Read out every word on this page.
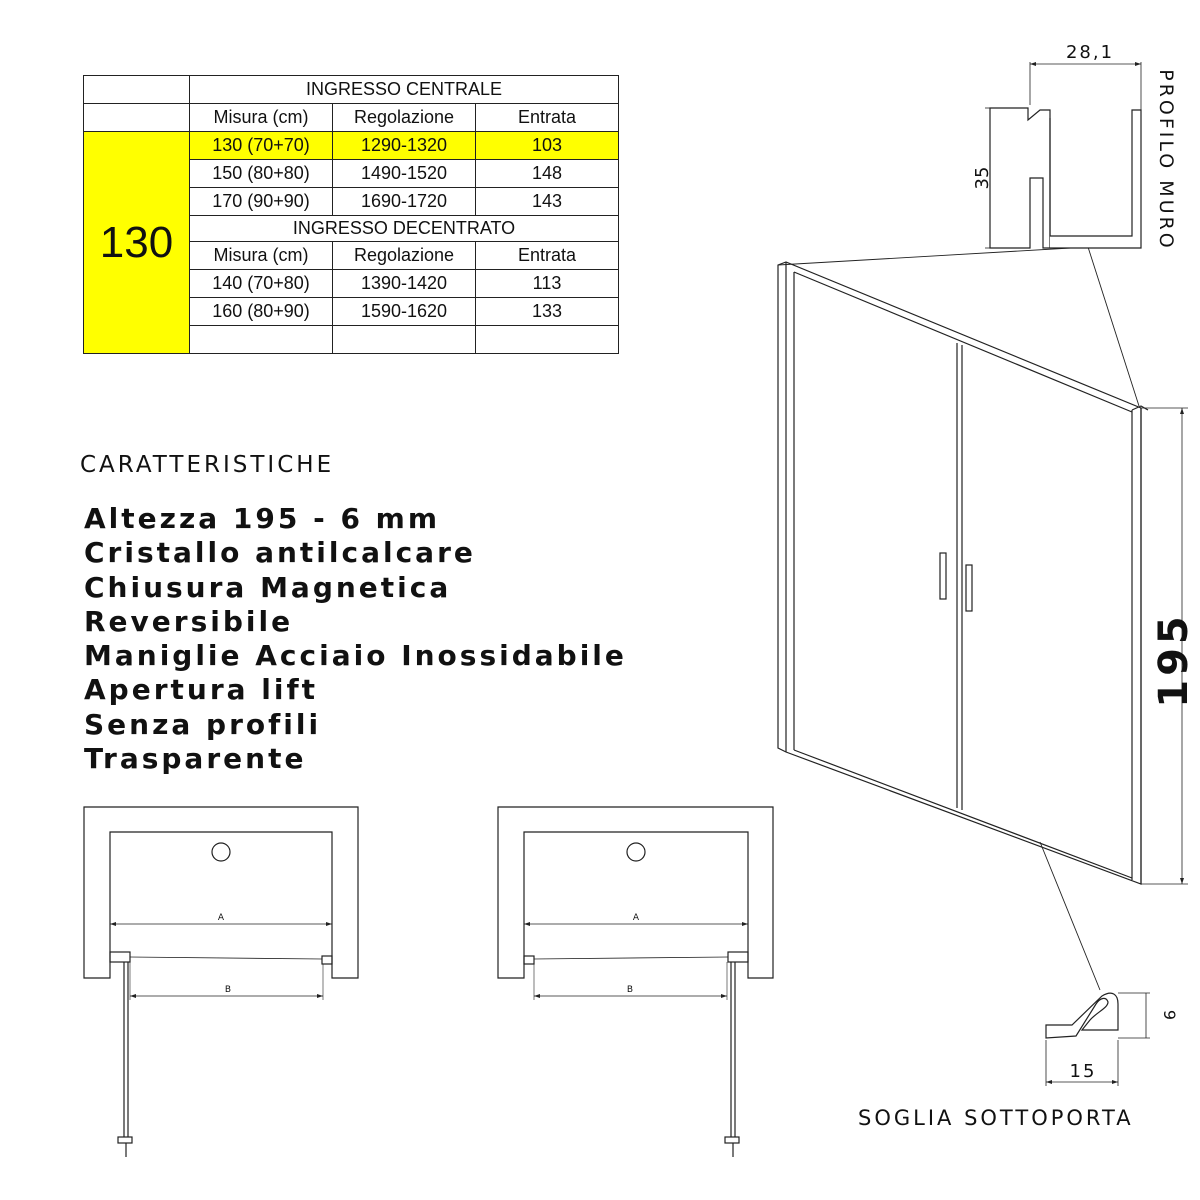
	INGRESSO CENTRALE		
	Misura (cm)	Regolazione	Entrata
130	130 (70+70)	1290-1320	103
	150 (80+80)	1490-1520	148
	170 (90+90)	1690-1720	143
	INGRESSO DECENTRATO		
	Misura (cm)	Regolazione	Entrata
	140 (70+80)	1390-1420	113
	160 (80+90)	1590-1620	133

CARATTERISTICHE
Altezza 195 - 6 mm
Cristallo antilcalcare
Chiusura Magnetica
Reversibile
Maniglie Acciaio Inossidabile
Apertura lift
Senza profili
Trasparente
A
B
A
B
28,1
35	PROFILO MURO
195
9
15

SOGLIA SOTTOPORTA
